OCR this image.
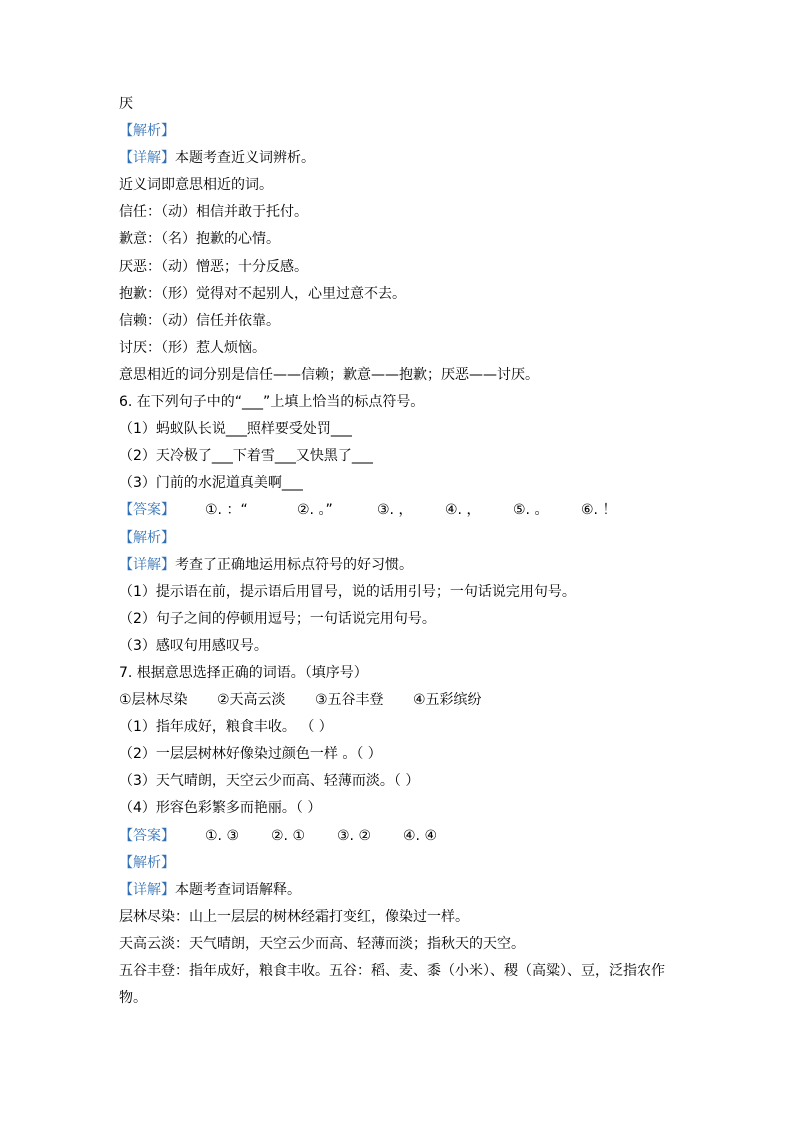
厌
【解析】
【详解】本题考查近义词辨析。
近义词即意思相近的词。
信任：（动）相信并敢于托付。
歉意：（名）抱歉的心情。
厌恶：（动）憎恶；十分反感。
抱歉：（形）觉得对不起别人，心里过意不去。
信赖：（动）信任并依靠。
讨厌：（形）惹人烦恼。
意思相近的词分别是信任——信赖；歉意——抱歉；厌恶——讨厌。
6. 在下列句子中的“___”上填上恰当的标点符号。
（1）蚂蚁队长说___照样要受处罚___
（2）天冷极了___下着雪___又快黑了___
（3）门前的水泥道真美啊___
【答案】 ①. ：“	②. 。”	③. ， ④. ， ⑤. 。 ⑥. ！
【解析】
【详解】考查了正确地运用标点符号的好习惯。
（1）提示语在前，提示语后用冒号，说的话用引号；一句话说完用句号。
（2）句子之间的停顿用逗号；一句话说完用句号。
（3）感叹句用感叹号。
7. 根据意思选择正确的词语。（填序号）
①层林尽染 ②天高云淡 ③五谷丰登 ④五彩缤纷
（1）指年成好，粮食丰收。 （ ）
（2）一层层树林好像染过颜色一样 。（ ）
（3）天气晴朗，天空云少而高、轻薄而淡。（ ）
（4）形容色彩繁多而艳丽。（ ）
【答案】 ①. ③ ②. ① ③. ② ④. ④
【解析】
【详解】本题考查词语解释。
层林尽染：山上一层层的树林经霜打变红，像染过一样。
天高云淡：天气晴朗，天空云少而高、轻薄而淡；指秋天的天空。
五谷丰登：指年成好，粮食丰收。五谷：稻、麦、黍（小米）、稷（高粱）、豆，泛指农作
物。
